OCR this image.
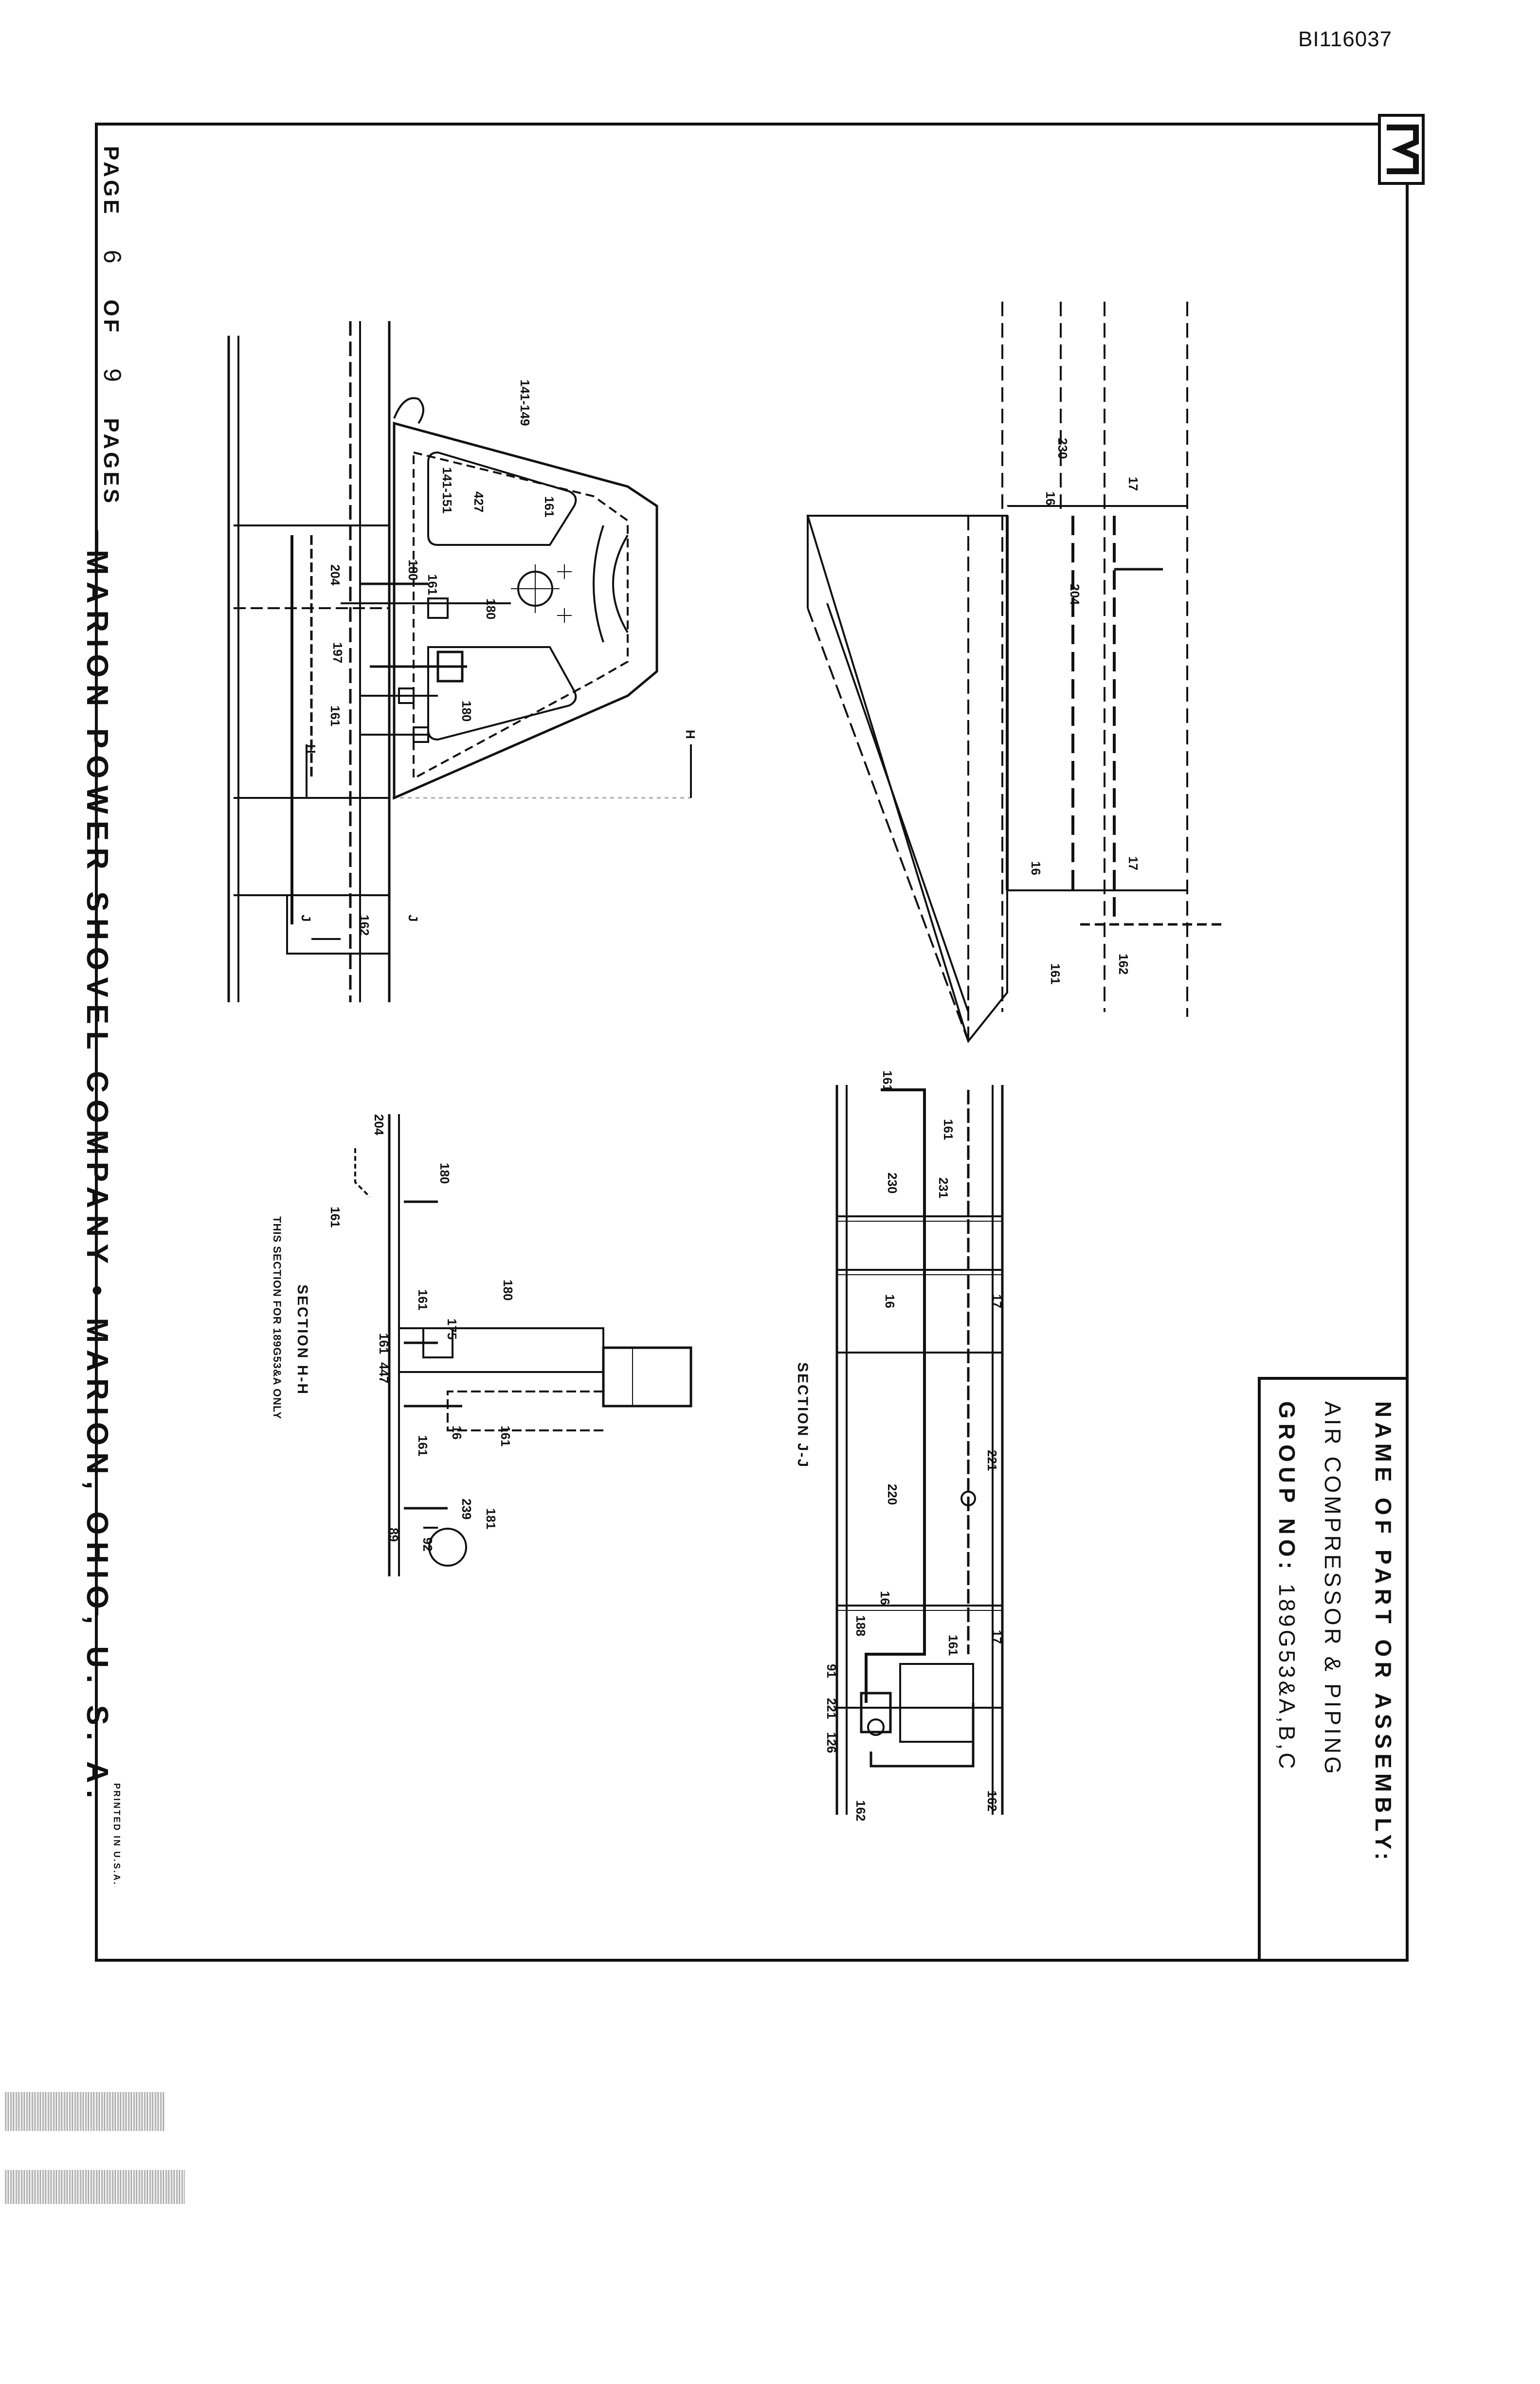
BI116037
NAME OF PART OR ASSEMBLY:
AIR COMPRESSOR & PIPING
GROUP NO:189G53&A,B,C
PAGE 6 OF 9 PAGES
MARION POWER SHOVEL COMPANY • MARION, OHIO, U. S. A.
PRINTED IN U.S.A.
17
230
16
204
17
16
162
161
141-149
161
427
141-151
180
161
180
204
197
180
161
H
H
J
J	162
161
161
230	231
16	17
221
220
16
17
161
188
91
221
126
162	162
204
180
161
180
175
161
161
447
161
16
161
239 181
92
89
SECTION J-J
SECTION H-H
THIS SECTION FOR 189G53&A ONLY
